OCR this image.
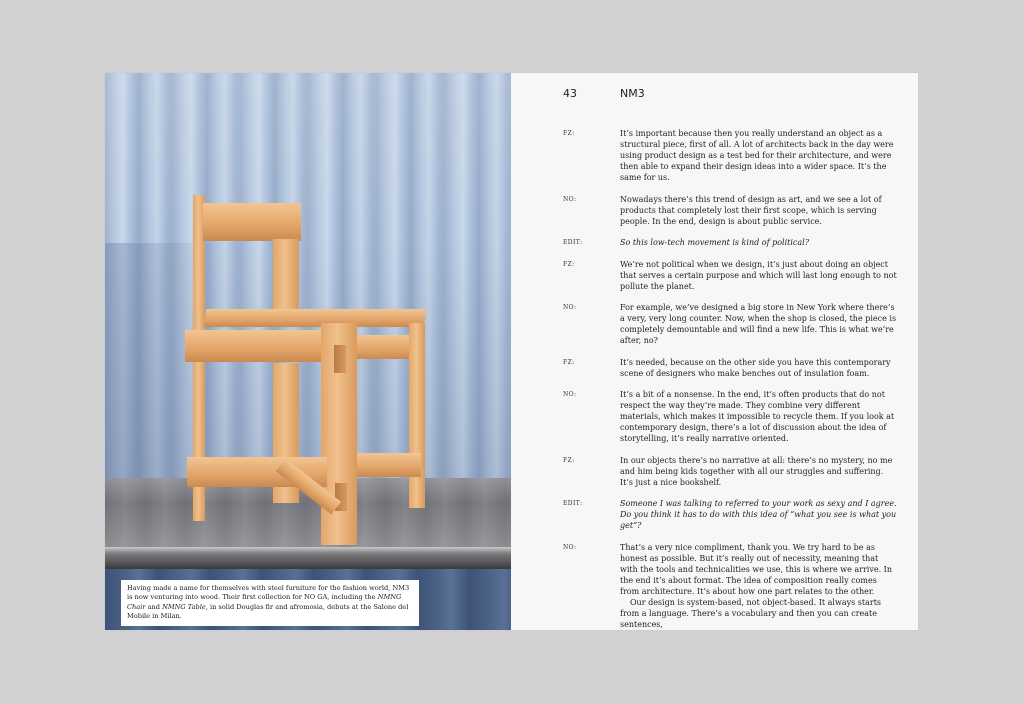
Having made a name for themselves with steel furniture for the fashion world, NM3 is now venturing into wood. Their first collection for NO GA, including the NMNG Chair and NMNG Table, in solid Douglas fir and afromosia, debuts at the Salone del Mobile in Milan.
43	NM3
FZ:	It’s important because then you really understand an object as a structural piece, first of all. A lot of architects back in the day were using product design as a test bed for their architecture, and were then able to expand their design ideas into a wider space. It’s the same for us.

NO:	Nowadays there’s this trend of design as art, and we see a lot of products that completely lost their first scope, which is serving people. In the end, design is about public service.

EDIT:	So this low-tech movement is kind of political?

FZ:	We’re not political when we design, it’s just about doing an object that serves a certain purpose and which will last long enough to not pollute the planet.

NO:	For example, we’ve designed a big store in New York where there’s a very, very long counter. Now, when the shop is closed, the piece is completely demountable and will find a new life. This is what we’re after, no?

FZ:	It’s needed, because on the other side you have this contemporary scene of designers who make benches out of insulation foam.

NO:	It’s a bit of a nonsense. In the end, it’s often products that do not respect the way they’re made. They combine very different materials, which makes it impossible to recycle them. If you look at contemporary design, there’s a lot of discussion about the idea of storytelling, it’s really narrative oriented.

FZ:	In our objects there’s no narrative at all: there’s no mystery, no me and him being kids together with all our struggles and suffering. It’s just a nice bookshelf.

EDIT:	Someone I was talking to referred to your work as sexy and I agree. Do you think it has to do with this idea of “what you see is what you get”?

NO:	That’s a very nice compliment, thank you. We try hard to be as honest as possible. But it’s really out of necessity, meaning that with the tools and technicalities we use, this is where we arrive. In the end it’s about format. The idea of composition really comes from architecture. It’s about how one part relates to the other.

Our design is system-based, not object-based. It always starts from a language. There’s a vocabulary and then you can create sentences,
